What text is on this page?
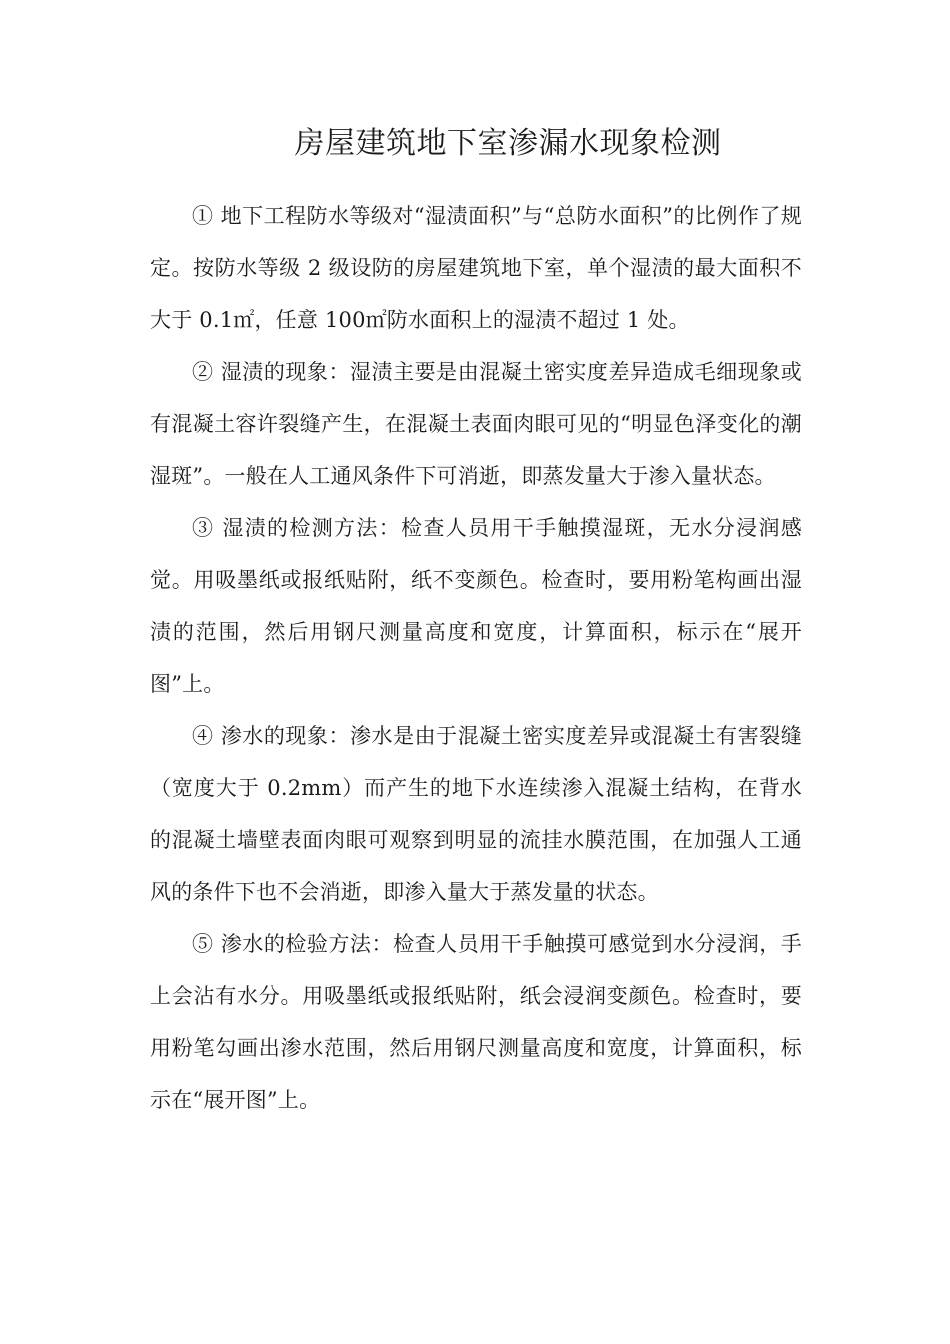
房屋建筑地下室渗漏水现象检测

① 地下工程防水等级对“湿渍面积”与“总防水面积”的比例作了规定。按防水等级 2 级设防的房屋建筑地下室，单个湿渍的最大面积不大于 0.1㎡，任意 100㎡防水面积上的湿渍不超过 1 处。

② 湿渍的现象：湿渍主要是由混凝土密实度差异造成毛细现象或有混凝土容许裂缝产生，在混凝土表面肉眼可见的“明显色泽变化的潮湿斑”。一般在人工通风条件下可消逝，即蒸发量大于渗入量状态。

③ 湿渍的检测方法：检查人员用干手触摸湿斑，无水分浸润感觉。用吸墨纸或报纸贴附，纸不变颜色。检查时，要用粉笔构画出湿渍的范围，然后用钢尺测量高度和宽度，计算面积，标示在“展开图”上。

④ 渗水的现象：渗水是由于混凝土密实度差异或混凝土有害裂缝（宽度大于 0.2mm）而产生的地下水连续渗入混凝土结构，在背水的混凝土墙壁表面肉眼可观察到明显的流挂水膜范围，在加强人工通风的条件下也不会消逝，即渗入量大于蒸发量的状态。

⑤ 渗水的检验方法：检查人员用干手触摸可感觉到水分浸润，手上会沾有水分。用吸墨纸或报纸贴附，纸会浸润变颜色。检查时，要用粉笔勾画出渗水范围，然后用钢尺测量高度和宽度，计算面积，标示在“展开图”上。
